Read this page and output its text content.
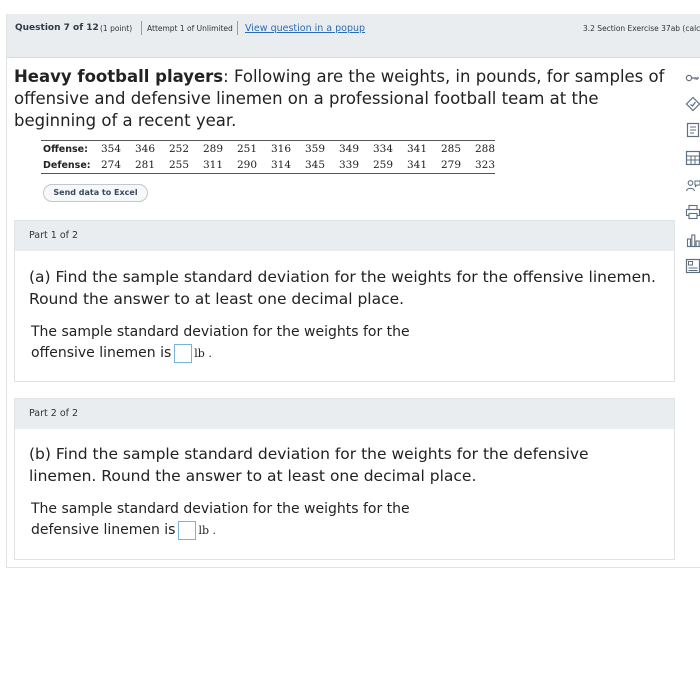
Question 7 of 12 (1 point) Attempt 1 of Unlimited View question in a popup	3.2 Section Exercise 37ab (calc
Heavy football players: Following are the weights, in pounds, for samples of offensive and defensive linemen on a professional football team at the beginning of a recent year.
Offense:	354	346	252	289	251	316	359	349	334	341	285	288
Defense:	274	281	255	311	290	314	345	339	259	341	279	323
Send data to Excel
Part 1 of 2
(a) Find the sample standard deviation for the weights for the offensive linemen. Round the answer to at least one decimal place.
The sample standard deviation for the weights for the
offensive linemen is lb .
Part 2 of 2
(b) Find the sample standard deviation for the weights for the defensive linemen. Round the answer to at least one decimal place.
The sample standard deviation for the weights for the
defensive linemen is lb .
